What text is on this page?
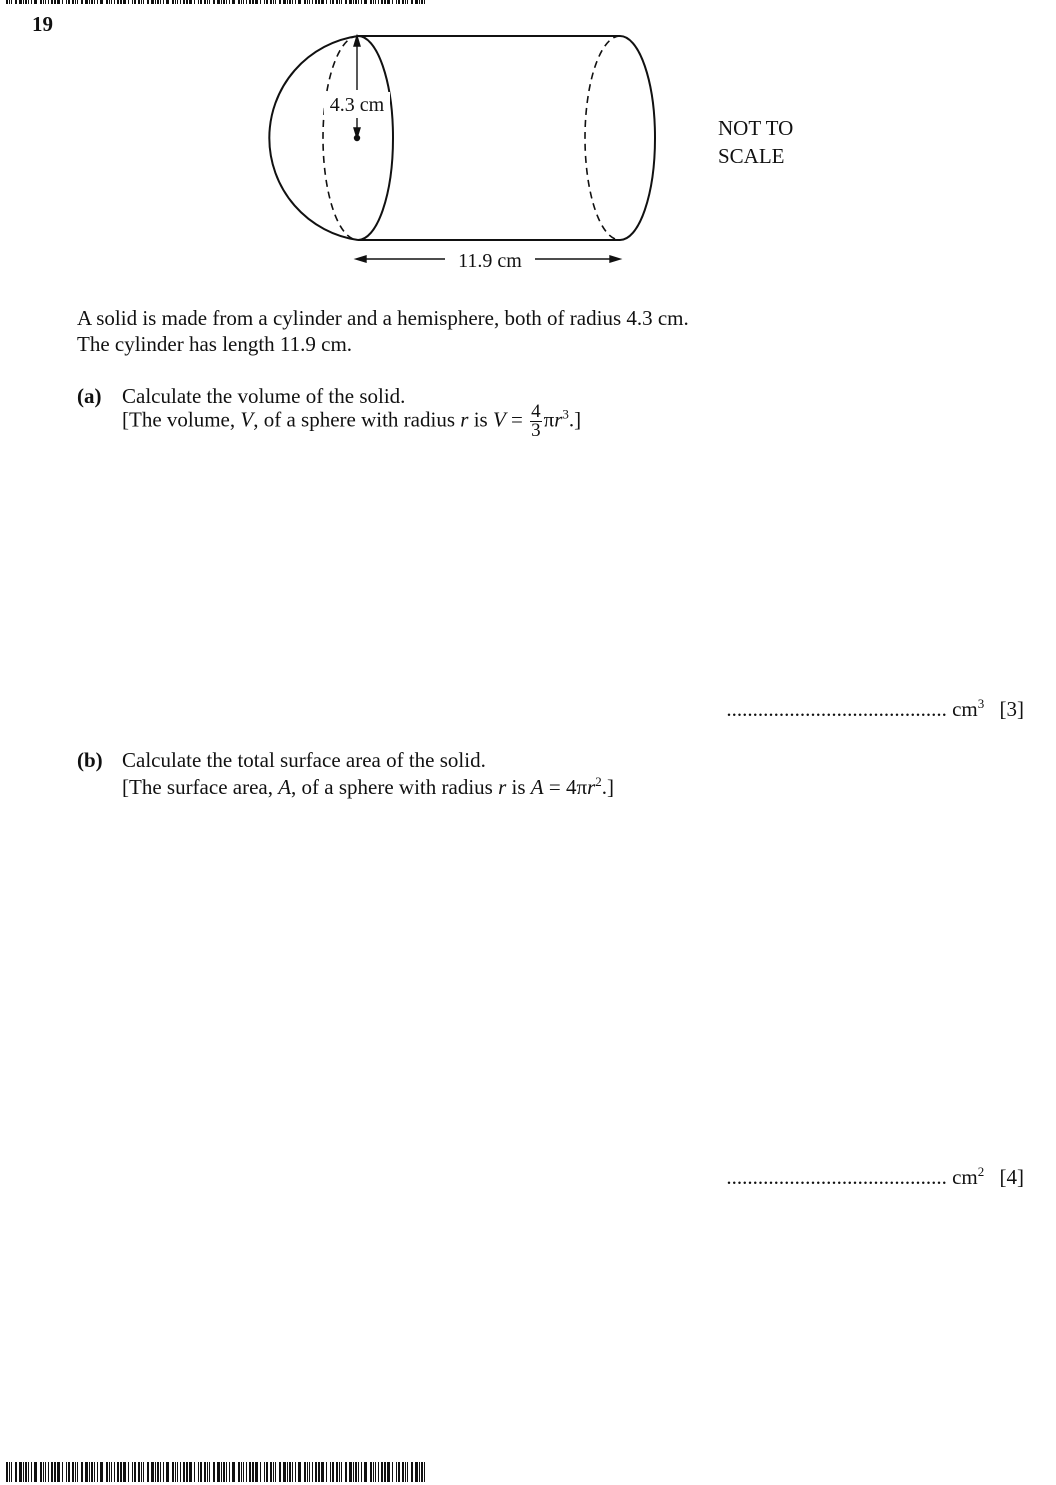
19
4.3 cm
11.9 cm
NOT TO
SCALE
A solid is made from a cylinder and a hemisphere, both of radius 4.3 cm.
The cylinder has length 11.9 cm.
(a) Calculate the volume of the solid.
[The volume, V, of a sphere with radius r is $V = \frac{4}{3} \pi r^3$.]
.......................................... $cm^3$ [3]
(b) Calculate the total surface area of the solid.
[The surface area, A, of a sphere with radius r is $A = 4\pi r^2$.]
.......................................... $cm^2$ [4]
